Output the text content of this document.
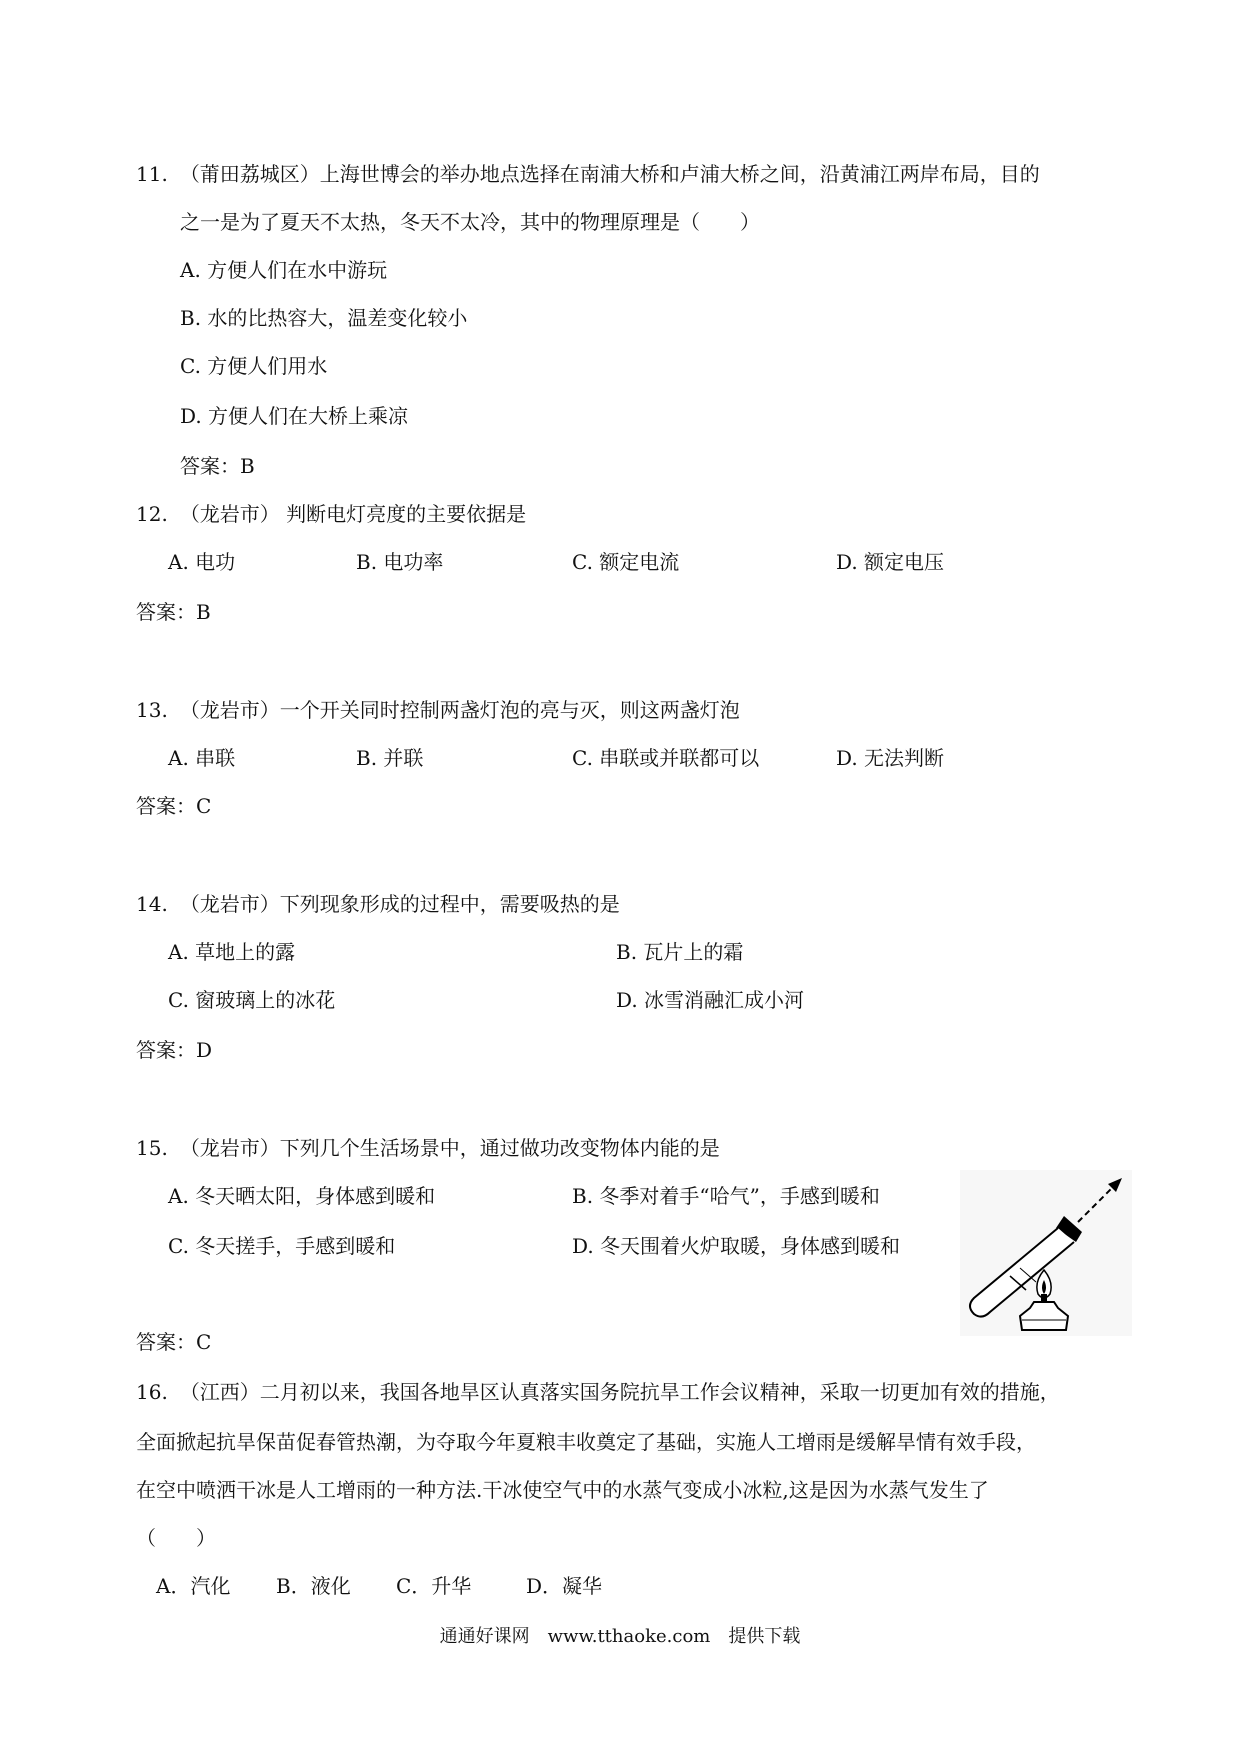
11. （莆田荔城区）上海世博会的举办地点选择在南浦大桥和卢浦大桥之间，沿黄浦江两岸布局，目的
之一是为了夏天不太热，冬天不太冷，其中的物理原理是（　　）
A. 方便人们在水中游玩
B. 水的比热容大，温差变化较小
C. 方便人们用水
D. 方便人们在大桥上乘凉
答案：B
12. （龙岩市） 判断电灯亮度的主要依据是
A. 电功	B. 电功率	C. 额定电流	D. 额定电压
答案：B
13. （龙岩市）一个开关同时控制两盏灯泡的亮与灭，则这两盏灯泡
A. 串联	B. 并联	C. 串联或并联都可以	D. 无法判断
答案：C
14. （龙岩市）下列现象形成的过程中，需要吸热的是
A. 草地上的露	B. 瓦片上的霜
C. 窗玻璃上的冰花	D. 冰雪消融汇成小河
答案：D
15. （龙岩市）下列几个生活场景中，通过做功改变物体内能的是
A. 冬天晒太阳，身体感到暖和	B. 冬季对着手“哈气”，手感到暖和
C. 冬天搓手，手感到暖和	D. 冬天围着火炉取暖，身体感到暖和
答案：C
16. （江西）二月初以来，我国各地旱区认真落实国务院抗旱工作会议精神，采取一切更加有效的措施，
全面掀起抗旱保苗促春管热潮，为夺取今年夏粮丰收奠定了基础，实施人工增雨是缓解旱情有效手段，
在空中喷洒干冰是人工增雨的一种方法.干冰使空气中的水蒸气变成小冰粒,这是因为水蒸气发生了
（　　）
A．汽化 B．液化 C．升华	D．凝华
通通好课网　www.tthaoke.com　提供下载
